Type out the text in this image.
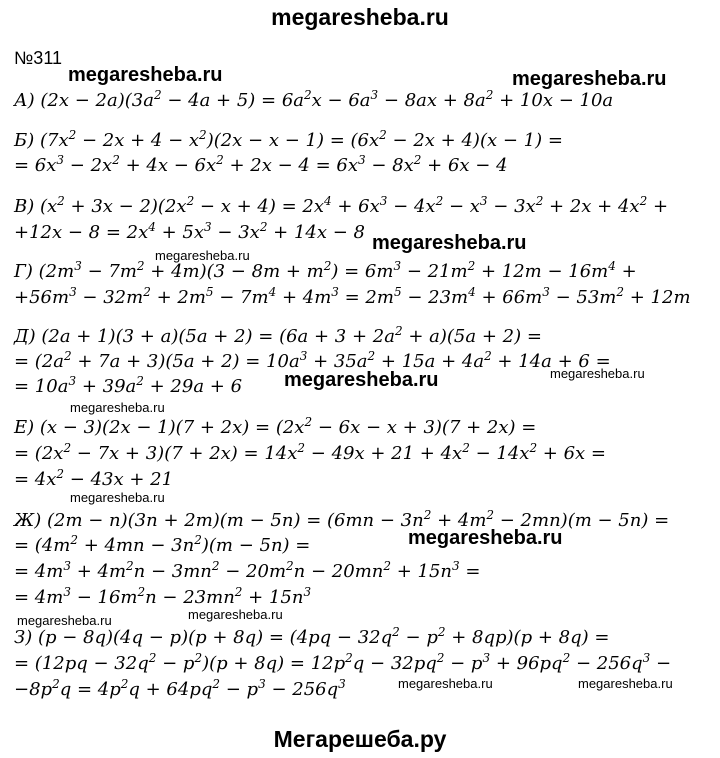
megaresheba.ru
№311
А) $(2x - 2a)(3a^2 - 4a + 5) = 6a^2x - 6a^3 - 8ax + 8a^2 + 10x - 10a$
Б) $(7x^2 - 2x + 4 - x^2)(2x - x - 1) = (6x^2 - 2x + 4)(x - 1)$ =
= $6x^3 - 2x^2 + 4x - 6x^2 + 2x - 4 = 6x^3 - 8x^2 + 6x - 4$
В) $(x^2 + 3x - 2)(2x^2 - x + 4) = 2x^4 + 6x^3 - 4x^2 - x^3 - 3x^2 + 2x + 4x^2$ +
$+12x - 8 = 2x^4 + 5x^3 - 3x^2 + 14x - 8$
Г) $(2m^3 - 7m^2 + 4m)(3 - 8m + m^2) = 6m^3 - 21m^2 + 12m - 16m^4$ +
$+56m^3 - 32m^2 + 2m^5 - 7m^4 + 4m^3 = 2m^5 - 23m^4 + 66m^3 - 53m^2 + 12m$
Д) $(2a + 1)(3 + a)(5a + 2) = (6a + 3 + 2a^2 + a)(5a + 2)$ =
= $(2a^2 + 7a + 3)(5a + 2) = 10a^3 + 35a^2 + 15a + 4a^2 + 14a + 6$ =
= $10a^3 + 39a^2 + 29a + 6$
Е) $(x - 3)(2x - 1)(7 + 2x) = (2x^2 - 6x - x + 3)(7 + 2x)$ =
= $(2x^2 - 7x + 3)(7 + 2x) = 14x^2 - 49x + 21 + 4x^2 - 14x^2 + 6x$ =
= $4x^2 - 43x + 21$
Ж) $(2m - n)(3n + 2m)(m - 5n) = (6mn - 3n^2 + 4m^2 - 2mn)(m - 5n)$ =
= $(4m^2 + 4mn - 3n^2)(m - 5n)$ =
= $4m^3 + 4m^2n - 3mn^2 - 20m^2n - 20mn^2 + 15n^3$ =
= $4m^3 - 16m^2n - 23mn^2 + 15n^3$
З) $(p - 8q)(4q - p)(p + 8q) = (4pq - 32q^2 - p^2 + 8qp)(p + 8q)$ =
= $(12pq - 32q^2 - p^2)(p + 8q) = 12p^2q - 32pq^2 - p^3 + 96pq^2 - 256q^3$ −
$-8p^2q = 4p^2q + 64pq^2 - p^3 - 256q^3$
megaresheba.ru	megaresheba.ru
megaresheba.ru
megaresheba.ru
megaresheba.ru	megaresheba.ru
megaresheba.ru
megaresheba.ru
megaresheba.ru
megaresheba.ru
megaresheba.ru
megaresheba.ru	megaresheba.ru
Мегарешеба.ру
